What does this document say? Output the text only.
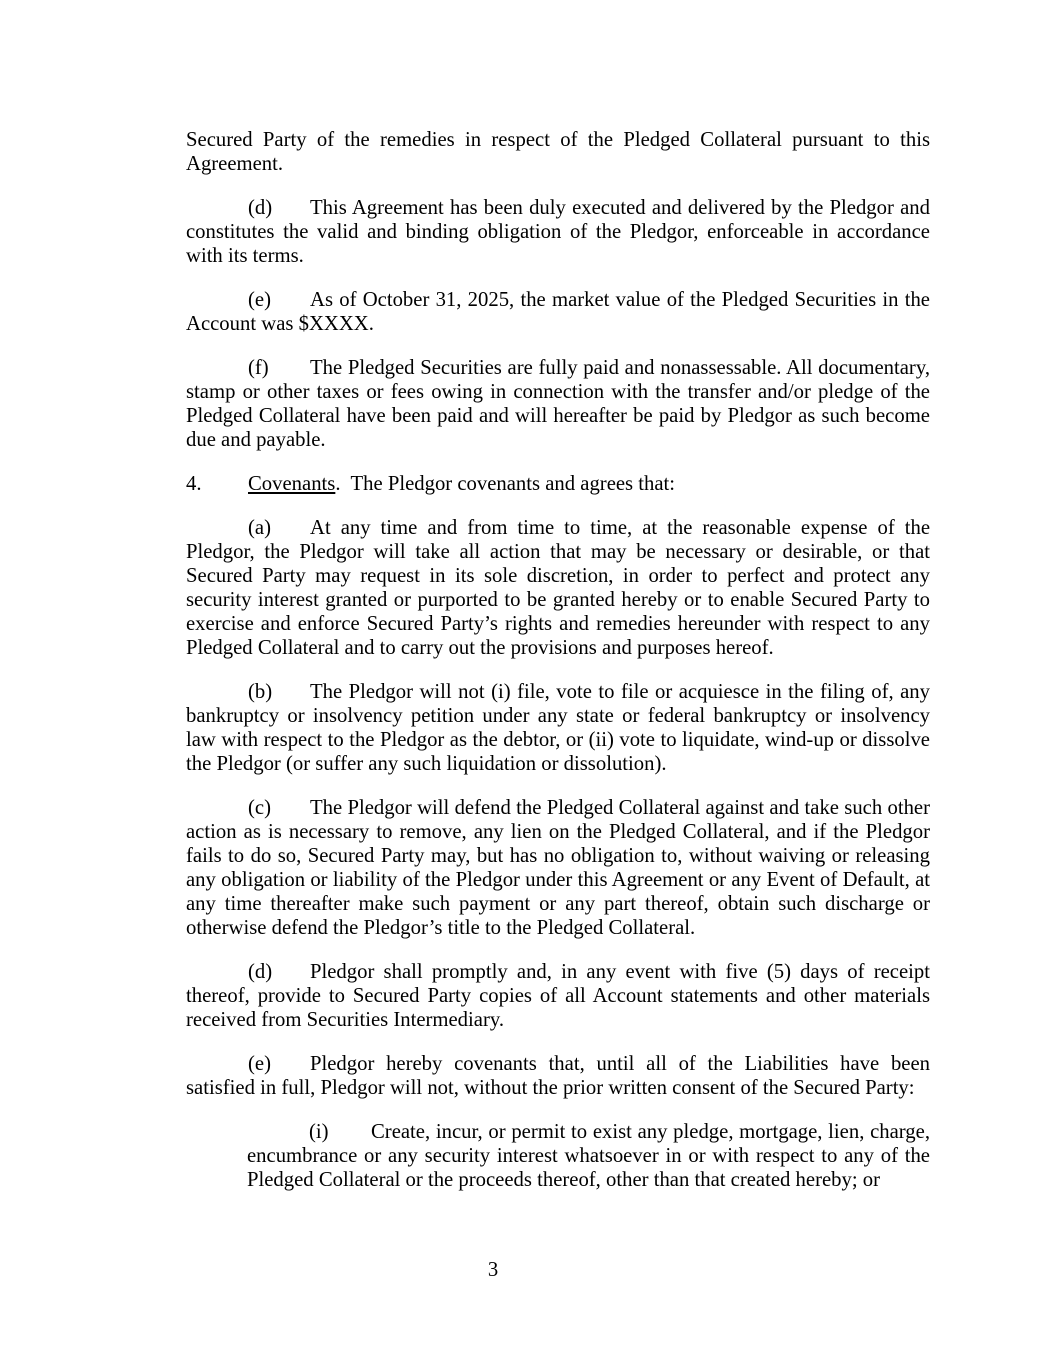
Secured Party of the remedies in respect of the Pledged Collateral pursuant to this Agreement.

(d) This Agreement has been duly executed and delivered by the Pledgor and constitutes the valid and binding obligation of the Pledgor, enforceable in accordance with its terms.

(e) As of October 31, 2025, the market value of the Pledged Securities in the Account was $XXXX.

(f) The Pledged Securities are fully paid and nonassessable. All documentary, stamp or other taxes or fees owing in connection with the transfer and/or pledge of the Pledged Collateral have been paid and will hereafter be paid by Pledgor as such become due and payable.

4. Covenants.  The Pledgor covenants and agrees that:

(a) At any time and from time to time, at the reasonable expense of the Pledgor, the Pledgor will take all action that may be necessary or desirable, or that Secured Party may request in its sole discretion, in order to perfect and protect any security interest granted or purported to be granted hereby or to enable Secured Party to exercise and enforce Secured Party’s rights and remedies hereunder with respect to any Pledged Collateral and to carry out the provisions and purposes hereof.

(b) The Pledgor will not (i) file, vote to file or acquiesce in the filing of, any bankruptcy or insolvency petition under any state or federal bankruptcy or insolvency law with respect to the Pledgor as the debtor, or (ii) vote to liquidate, wind-up or dissolve the Pledgor (or suffer any such liquidation or dissolution).

(c) The Pledgor will defend the Pledged Collateral against and take such other action as is necessary to remove, any lien on the Pledged Collateral, and if the Pledgor fails to do so, Secured Party may, but has no obligation to, without waiving or releasing any obligation or liability of the Pledgor under this Agreement or any Event of Default, at any time thereafter make such payment or any part thereof, obtain such discharge or otherwise defend the Pledgor’s title to the Pledged Collateral.

(d) Pledgor shall promptly and, in any event with five (5) days of receipt thereof, provide to Secured Party copies of all Account statements and other materials received from Securities Intermediary.

(e) Pledgor hereby covenants that, until all of the Liabilities have been satisfied in full, Pledgor will not, without the prior written consent of the Secured Party:

(i) Create, incur, or permit to exist any pledge, mortgage, lien, charge, encumbrance or any security interest whatsoever in or with respect to any of the Pledged Collateral or the proceeds thereof, other than that created hereby; or

3
